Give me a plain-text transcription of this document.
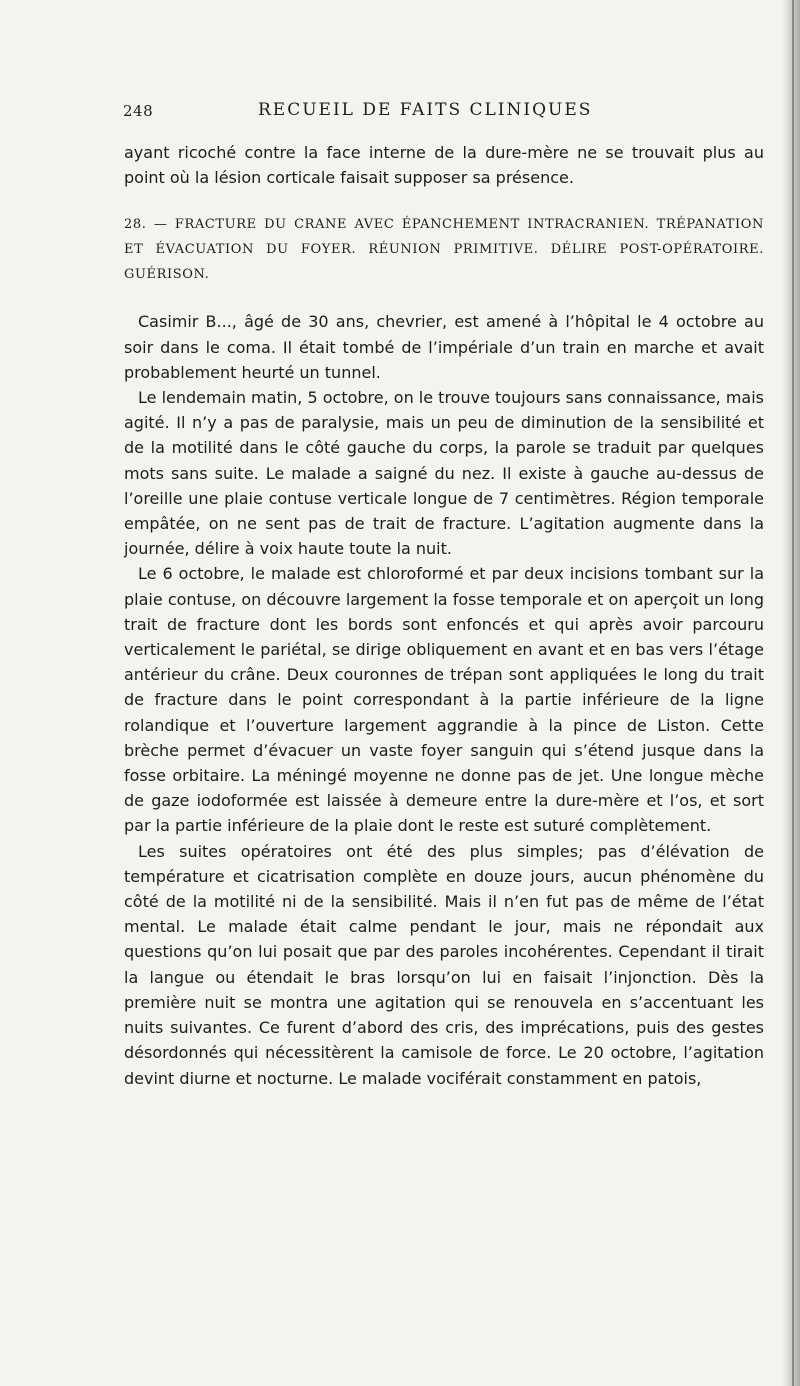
248	RECUEIL DE FAITS CLINIQUES

ayant ricoché contre la face interne de la dure-mère ne se trouvait plus au point où la lésion corticale faisait supposer sa présence.

28. — FRACTURE DU CRANE AVEC ÉPANCHEMENT INTRACRANIEN. TRÉPANATION ET ÉVACUATION DU FOYER. RÉUNION PRIMITIVE. DÉLIRE POST-OPÉRATOIRE. GUÉRISON.

Casimir B..., âgé de 30 ans, chevrier, est amené à l’hôpital le 4 octobre au soir dans le coma. Il était tombé de l’impériale d’un train en marche et avait probablement heurté un tunnel.

Le lendemain matin, 5 octobre, on le trouve toujours sans connaissance, mais agité. Il n’y a pas de paralysie, mais un peu de diminution de la sensibilité et de la motilité dans le côté gauche du corps, la parole se traduit par quelques mots sans suite. Le malade a saigné du nez. Il existe à gauche au-dessus de l’oreille une plaie contuse verticale longue de 7 centimètres. Région temporale empâtée, on ne sent pas de trait de fracture. L’agitation augmente dans la journée, délire à voix haute toute la nuit.

Le 6 octobre, le malade est chloroformé et par deux incisions tombant sur la plaie contuse, on découvre largement la fosse temporale et on aperçoit un long trait de fracture dont les bords sont enfoncés et qui après avoir parcouru verticalement le pariétal, se dirige obliquement en avant et en bas vers l’étage antérieur du crâne. Deux couronnes de trépan sont appliquées le long du trait de fracture dans le point correspondant à la partie inférieure de la ligne rolandique et l’ouverture largement aggrandie à la pince de Liston. Cette brèche permet d’évacuer un vaste foyer sanguin qui s’étend jusque dans la fosse orbitaire. La méningé moyenne ne donne pas de jet. Une longue mèche de gaze iodoformée est laissée à demeure entre la dure-mère et l’os, et sort par la partie inférieure de la plaie dont le reste est suturé complètement.

Les suites opératoires ont été des plus simples; pas d’élévation de température et cicatrisation complète en douze jours, aucun phénomène du côté de la motilité ni de la sensibilité. Mais il n’en fut pas de même de l’état mental. Le malade était calme pendant le jour, mais ne répondait aux questions qu’on lui posait que par des paroles incohérentes. Cependant il tirait la langue ou étendait le bras lorsqu’on lui en faisait l’injonction. Dès la première nuit se montra une agitation qui se renouvela en s’accentuant les nuits suivantes. Ce furent d’abord des cris, des imprécations, puis des gestes désordonnés qui nécessitèrent la camisole de force. Le 20 octobre, l’agitation devint diurne et nocturne. Le malade vociférait constamment en patois,
